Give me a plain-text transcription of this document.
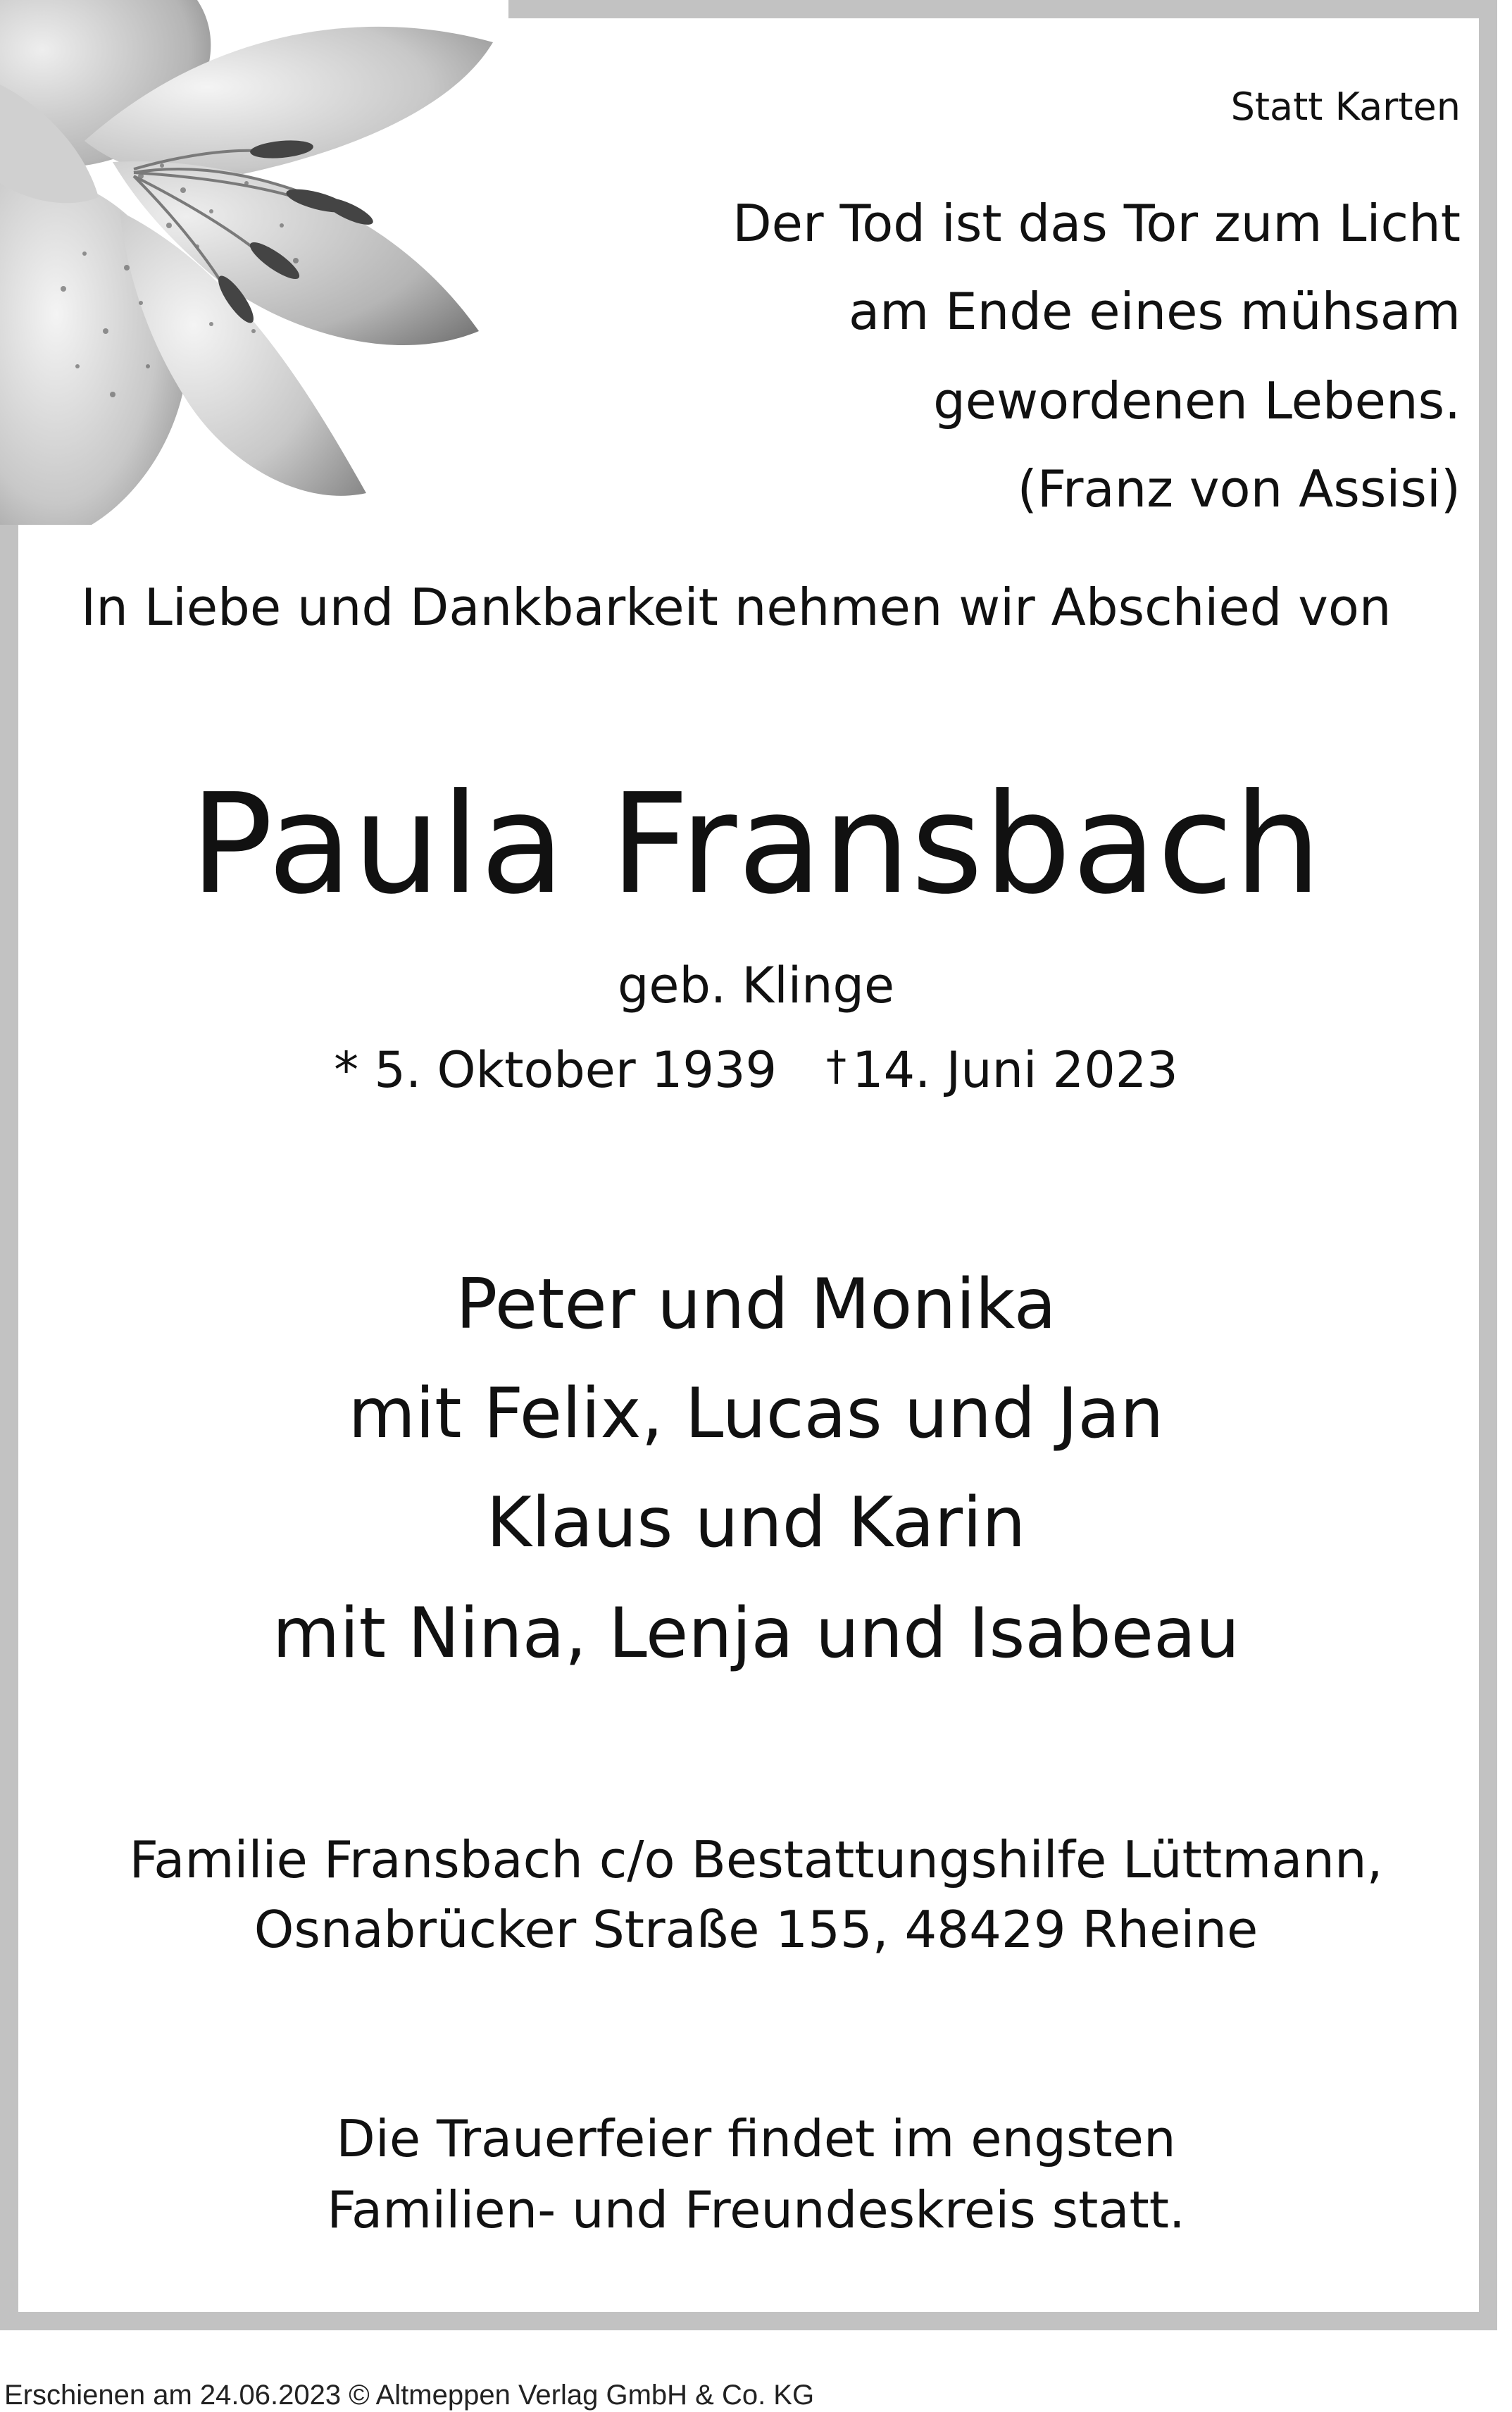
Statt Karten
Der Tod ist das Tor zum Licht
am Ende eines mühsam
gewordenen Lebens.
(Franz von Assisi)
In Liebe und Dankbarkeit nehmen wir Abschied von
Paula Fransbach
geb. Klinge
* 5. Oktober 1939 † 14. Juni 2023
Peter und Monika
mit Felix, Lucas und Jan
Klaus und Karin
mit Nina, Lenja und Isabeau
Familie Fransbach c/o Bestattungshilfe Lüttmann,
Osnabrücker Straße 155, 48429 Rheine
Die Trauerfeier findet im engsten
Familien- und Freundeskreis statt.
Erschienen am 24.06.2023 © Altmeppen Verlag GmbH & Co. KG
